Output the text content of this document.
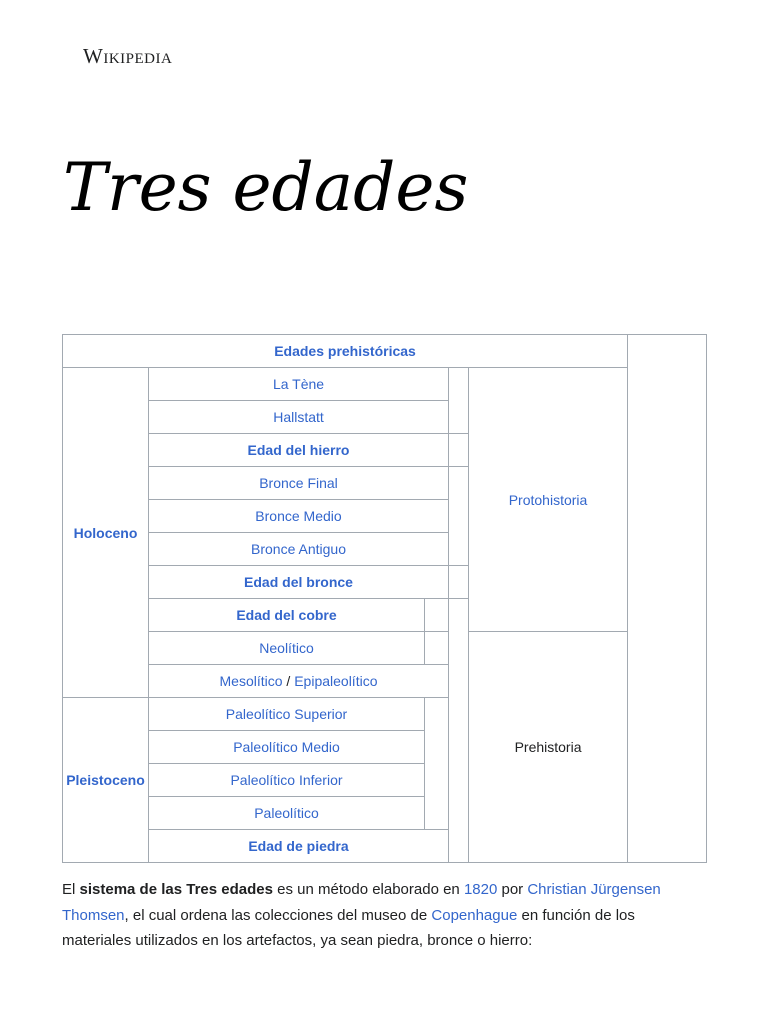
Wikipedia
Tres edades
Edades prehistóricas					
Holoceno	La Tène			Protohistoria	
	Hallstatt				
	Edad del hierro				
	Bronce Final				
	Bronce Medio				
	Bronce Antiguo				
	Edad del bronce				
	Edad del cobre				
	Neolítico			Prehistoria	
	Mesolítico / Epipaleolítico				
Pleistoceno	Paleolítico Superior				
	Paleolítico Medio				
	Paleolítico Inferior				
	Paleolítico				
	Edad de piedra				

El sistema de las Tres edades es un método elaborado en 1820 por Christian Jürgensen Thomsen, el cual ordena las colecciones del museo de Copenhague en función de los materiales utilizados en los artefactos, ya sean piedra, bronce o hierro:
